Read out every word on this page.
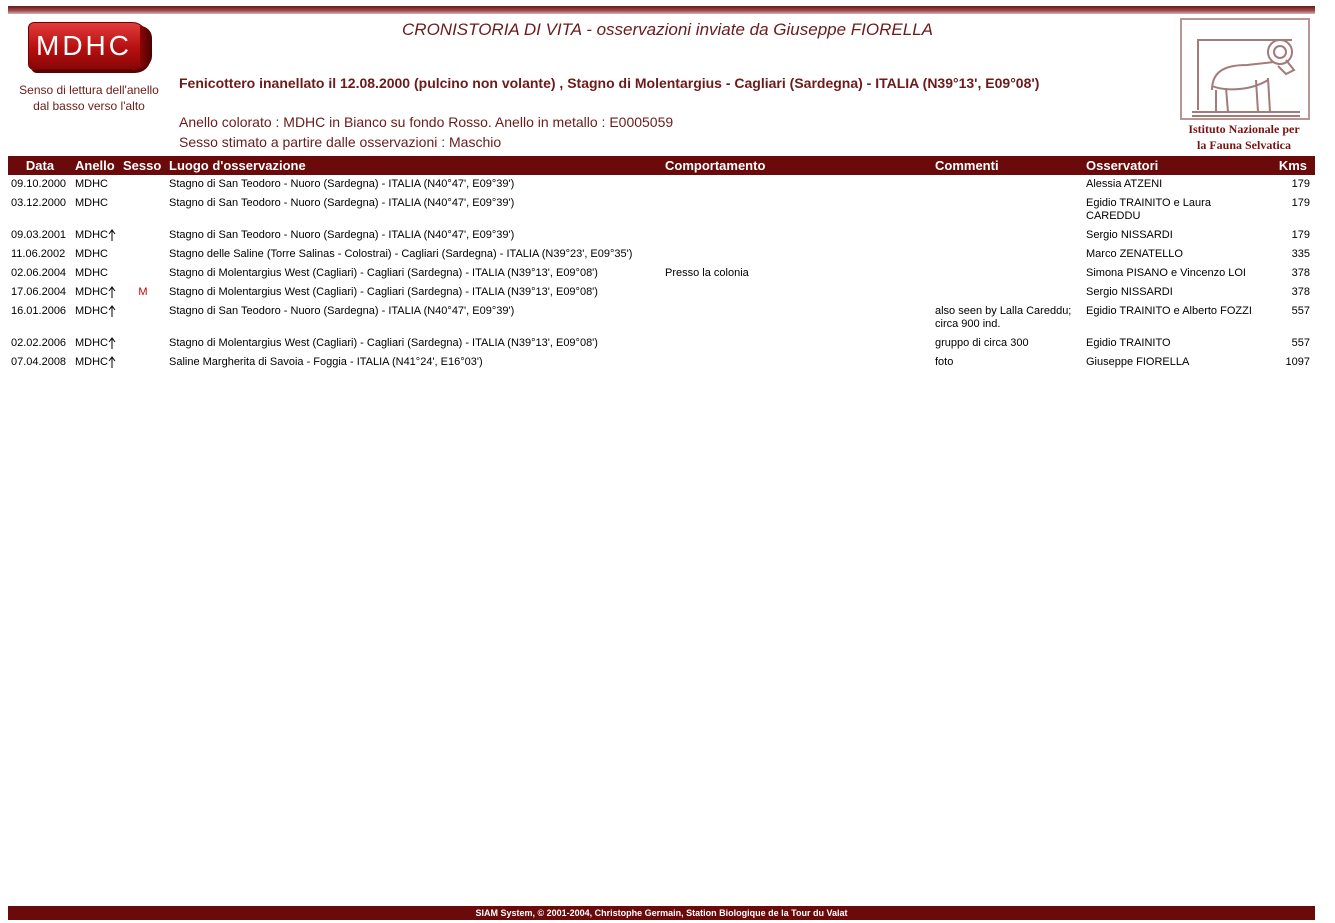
MDHC
Senso di lettura dell'anello
dal basso verso l'alto
CRONISTORIA DI VITA - osservazioni inviate da Giuseppe FIORELLA
Fenicottero inanellato il 12.08.2000 (pulcino non volante) , Stagno di Molentargius - Cagliari (Sardegna) - ITALIA (N39°13', E09°08')
Anello colorato : MDHC in Bianco su fondo Rosso. Anello in metallo : E0005059
Sesso stimato a partire dalle osservazioni : Maschio
Istituto Nazionale per
la Fauna Selvatica
Data	Anello	Sesso	Luogo d'osservazione	Comportamento	Commenti	Osservatori	Kms
09.10.2000	MDHC		Stagno di San Teodoro - Nuoro (Sardegna) - ITALIA (N40°47', E09°39')			Alessia ATZENI	179
03.12.2000	MDHC		Stagno di San Teodoro - Nuoro (Sardegna) - ITALIA (N40°47', E09°39')			Egidio TRAINITO e Laura CAREDDU	179
09.03.2001	MDHC		Stagno di San Teodoro - Nuoro (Sardegna) - ITALIA (N40°47', E09°39')			Sergio NISSARDI	179
11.06.2002	MDHC		Stagno delle Saline (Torre Salinas - Colostrai) - Cagliari (Sardegna) - ITALIA (N39°23', E09°35')			Marco ZENATELLO	335
02.06.2004	MDHC		Stagno di Molentargius West (Cagliari) - Cagliari (Sardegna) - ITALIA (N39°13', E09°08')	Presso la colonia		Simona PISANO e Vincenzo LOI	378
17.06.2004	MDHC	M	Stagno di Molentargius West (Cagliari) - Cagliari (Sardegna) - ITALIA (N39°13', E09°08')			Sergio NISSARDI	378
16.01.2006	MDHC		Stagno di San Teodoro - Nuoro (Sardegna) - ITALIA (N40°47', E09°39')		also seen by Lalla Careddu; circa 900 ind.	Egidio TRAINITO e Alberto FOZZI	557
02.02.2006	MDHC		Stagno di Molentargius West (Cagliari) - Cagliari (Sardegna) - ITALIA (N39°13', E09°08')		gruppo di circa 300	Egidio TRAINITO	557
07.04.2008	MDHC		Saline Margherita di Savoia - Foggia - ITALIA (N41°24', E16°03')		foto	Giuseppe FIORELLA	1097
SIAM System, © 2001-2004, Christophe Germain, Station Biologique de la Tour du Valat
